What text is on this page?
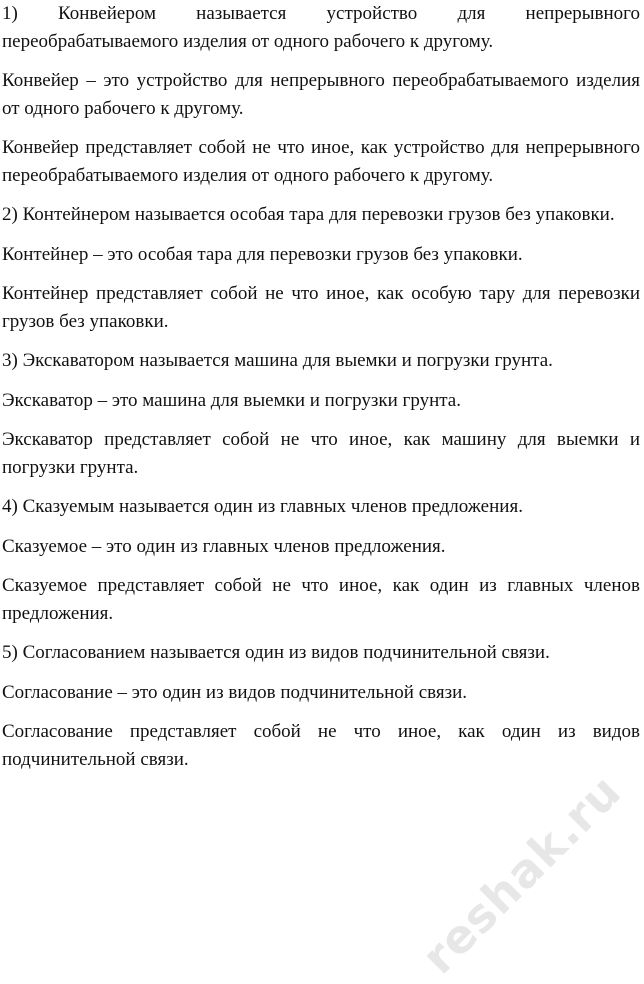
1) Конвейером называется устройство для непрерывного переобрабатываемого изделия от одного рабочего к другому.

Конвейер – это устройство для непрерывного переобрабатываемого изделия от одного рабочего к другому.

Конвейер представляет собой не что иное, как устройство для непрерывного переобрабатываемого изделия от одного рабочего к другому.

2) Контейнером называется особая тара для перевозки грузов без упаковки.

Контейнер – это особая тара для перевозки грузов без упаковки.

Контейнер представляет собой не что иное, как особую тару для перевозки грузов без упаковки.

3) Экскаватором называется машина для выемки и погрузки грунта.

Экскаватор – это машина для выемки и погрузки грунта.

Экскаватор представляет собой не что иное, как машину для выемки и погрузки грунта.

4) Сказуемым называется один из главных членов предложения.

Сказуемое – это один из главных членов предложения.

Сказуемое представляет собой не что иное, как один из главных членов предложения.

5) Согласованием называется один из видов подчинительной связи.

Согласование – это один из видов подчинительной связи.

Согласование представляет собой не что иное, как один из видов подчинительной связи.

reshak.ru
